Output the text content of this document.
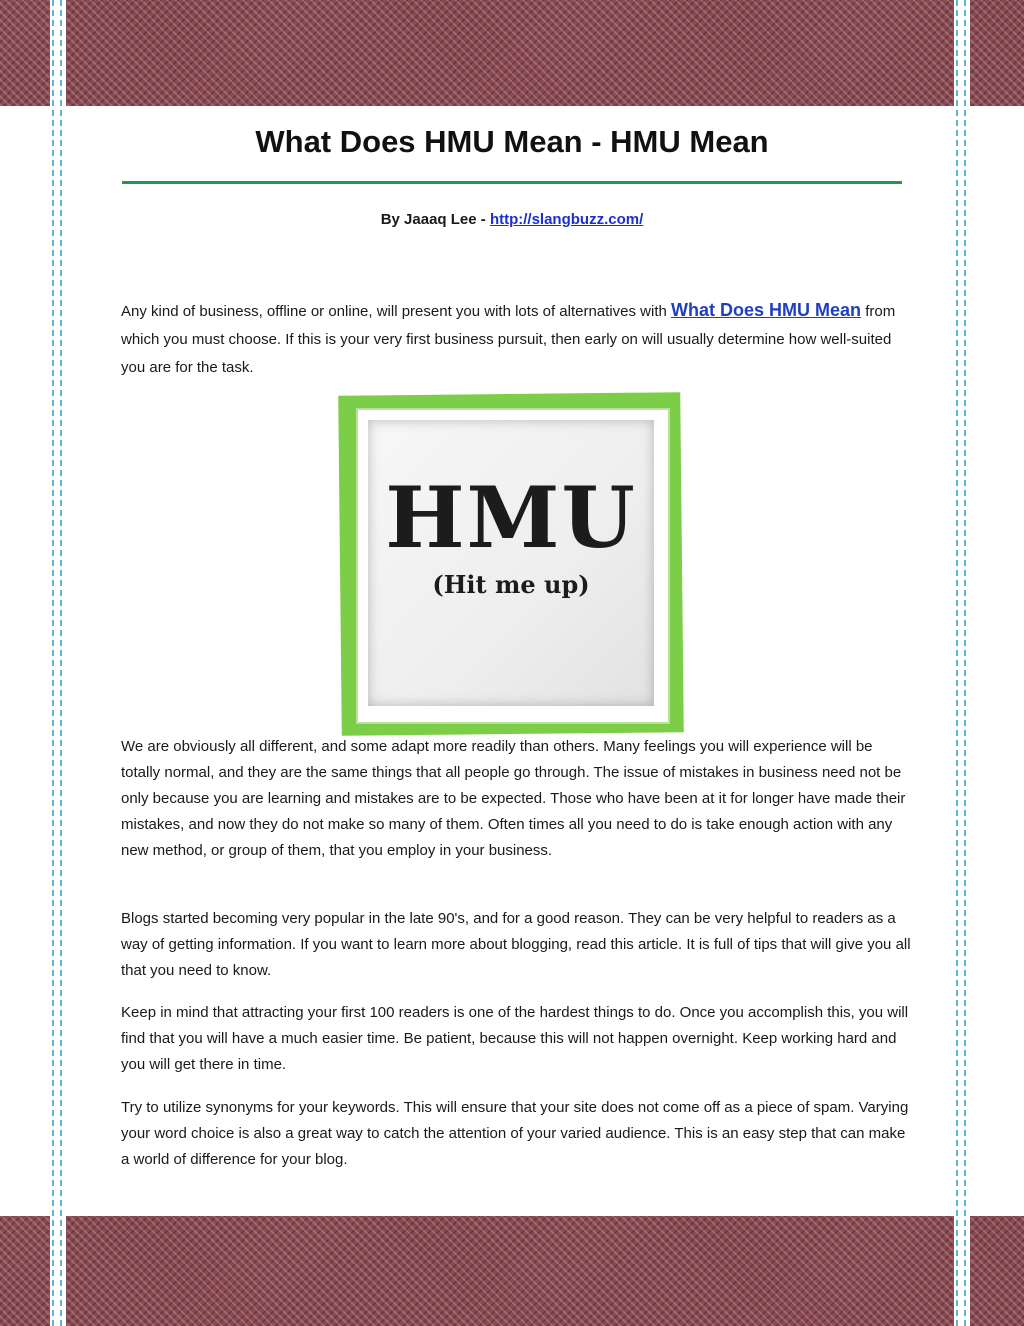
What Does HMU Mean - HMU Mean
By Jaaaq Lee - http://slangbuzz.com/
Any kind of business, offline or online, will present you with lots of alternatives with What Does HMU Mean from which you must choose. If this is your very first business pursuit, then early on will usually determine how well-suited you are for the task.
HMU
(Hit me up)
We are obviously all different, and some adapt more readily than others. Many feelings you will experience will be totally normal, and they are the same things that all people go through. The issue of mistakes in business need not be only because you are learning and mistakes are to be expected. Those who have been at it for longer have made their mistakes, and now they do not make so many of them. Often times all you need to do is take enough action with any new method, or group of them, that you employ in your business.
Blogs started becoming very popular in the late 90's, and for a good reason. They can be very helpful to readers as a way of getting information. If you want to learn more about blogging, read this article. It is full of tips that will give you all that you need to know.
Keep in mind that attracting your first 100 readers is one of the hardest things to do. Once you accomplish this, you will find that you will have a much easier time. Be patient, because this will not happen overnight. Keep working hard and you will get there in time.
Try to utilize synonyms for your keywords. This will ensure that your site does not come off as a piece of spam. Varying your word choice is also a great way to catch the attention of your varied audience. This is an easy step that can make a world of difference for your blog.
